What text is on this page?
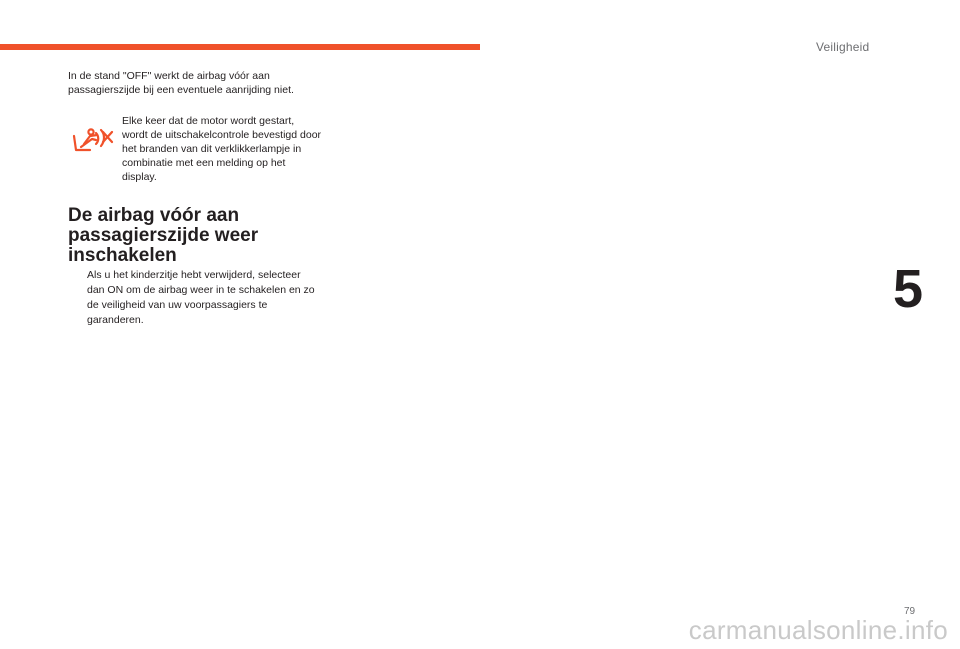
Veiligheid
5
In de stand "OFF" werkt de airbag vóór aan passagierszijde bij een eventuele aanrijding niet.
Elke keer dat de motor wordt gestart, wordt de uitschakelcontrole bevestigd door het branden van dit verklikkerlampje in combinatie met een melding op het display.
De airbag vóór aan passagierszijde weer inschakelen
Als u het kinderzitje hebt verwijderd, selecteer dan ON om de airbag weer in te schakelen en zo de veiligheid van uw voorpassagiers te garanderen.
79
carmanualsonline.info
